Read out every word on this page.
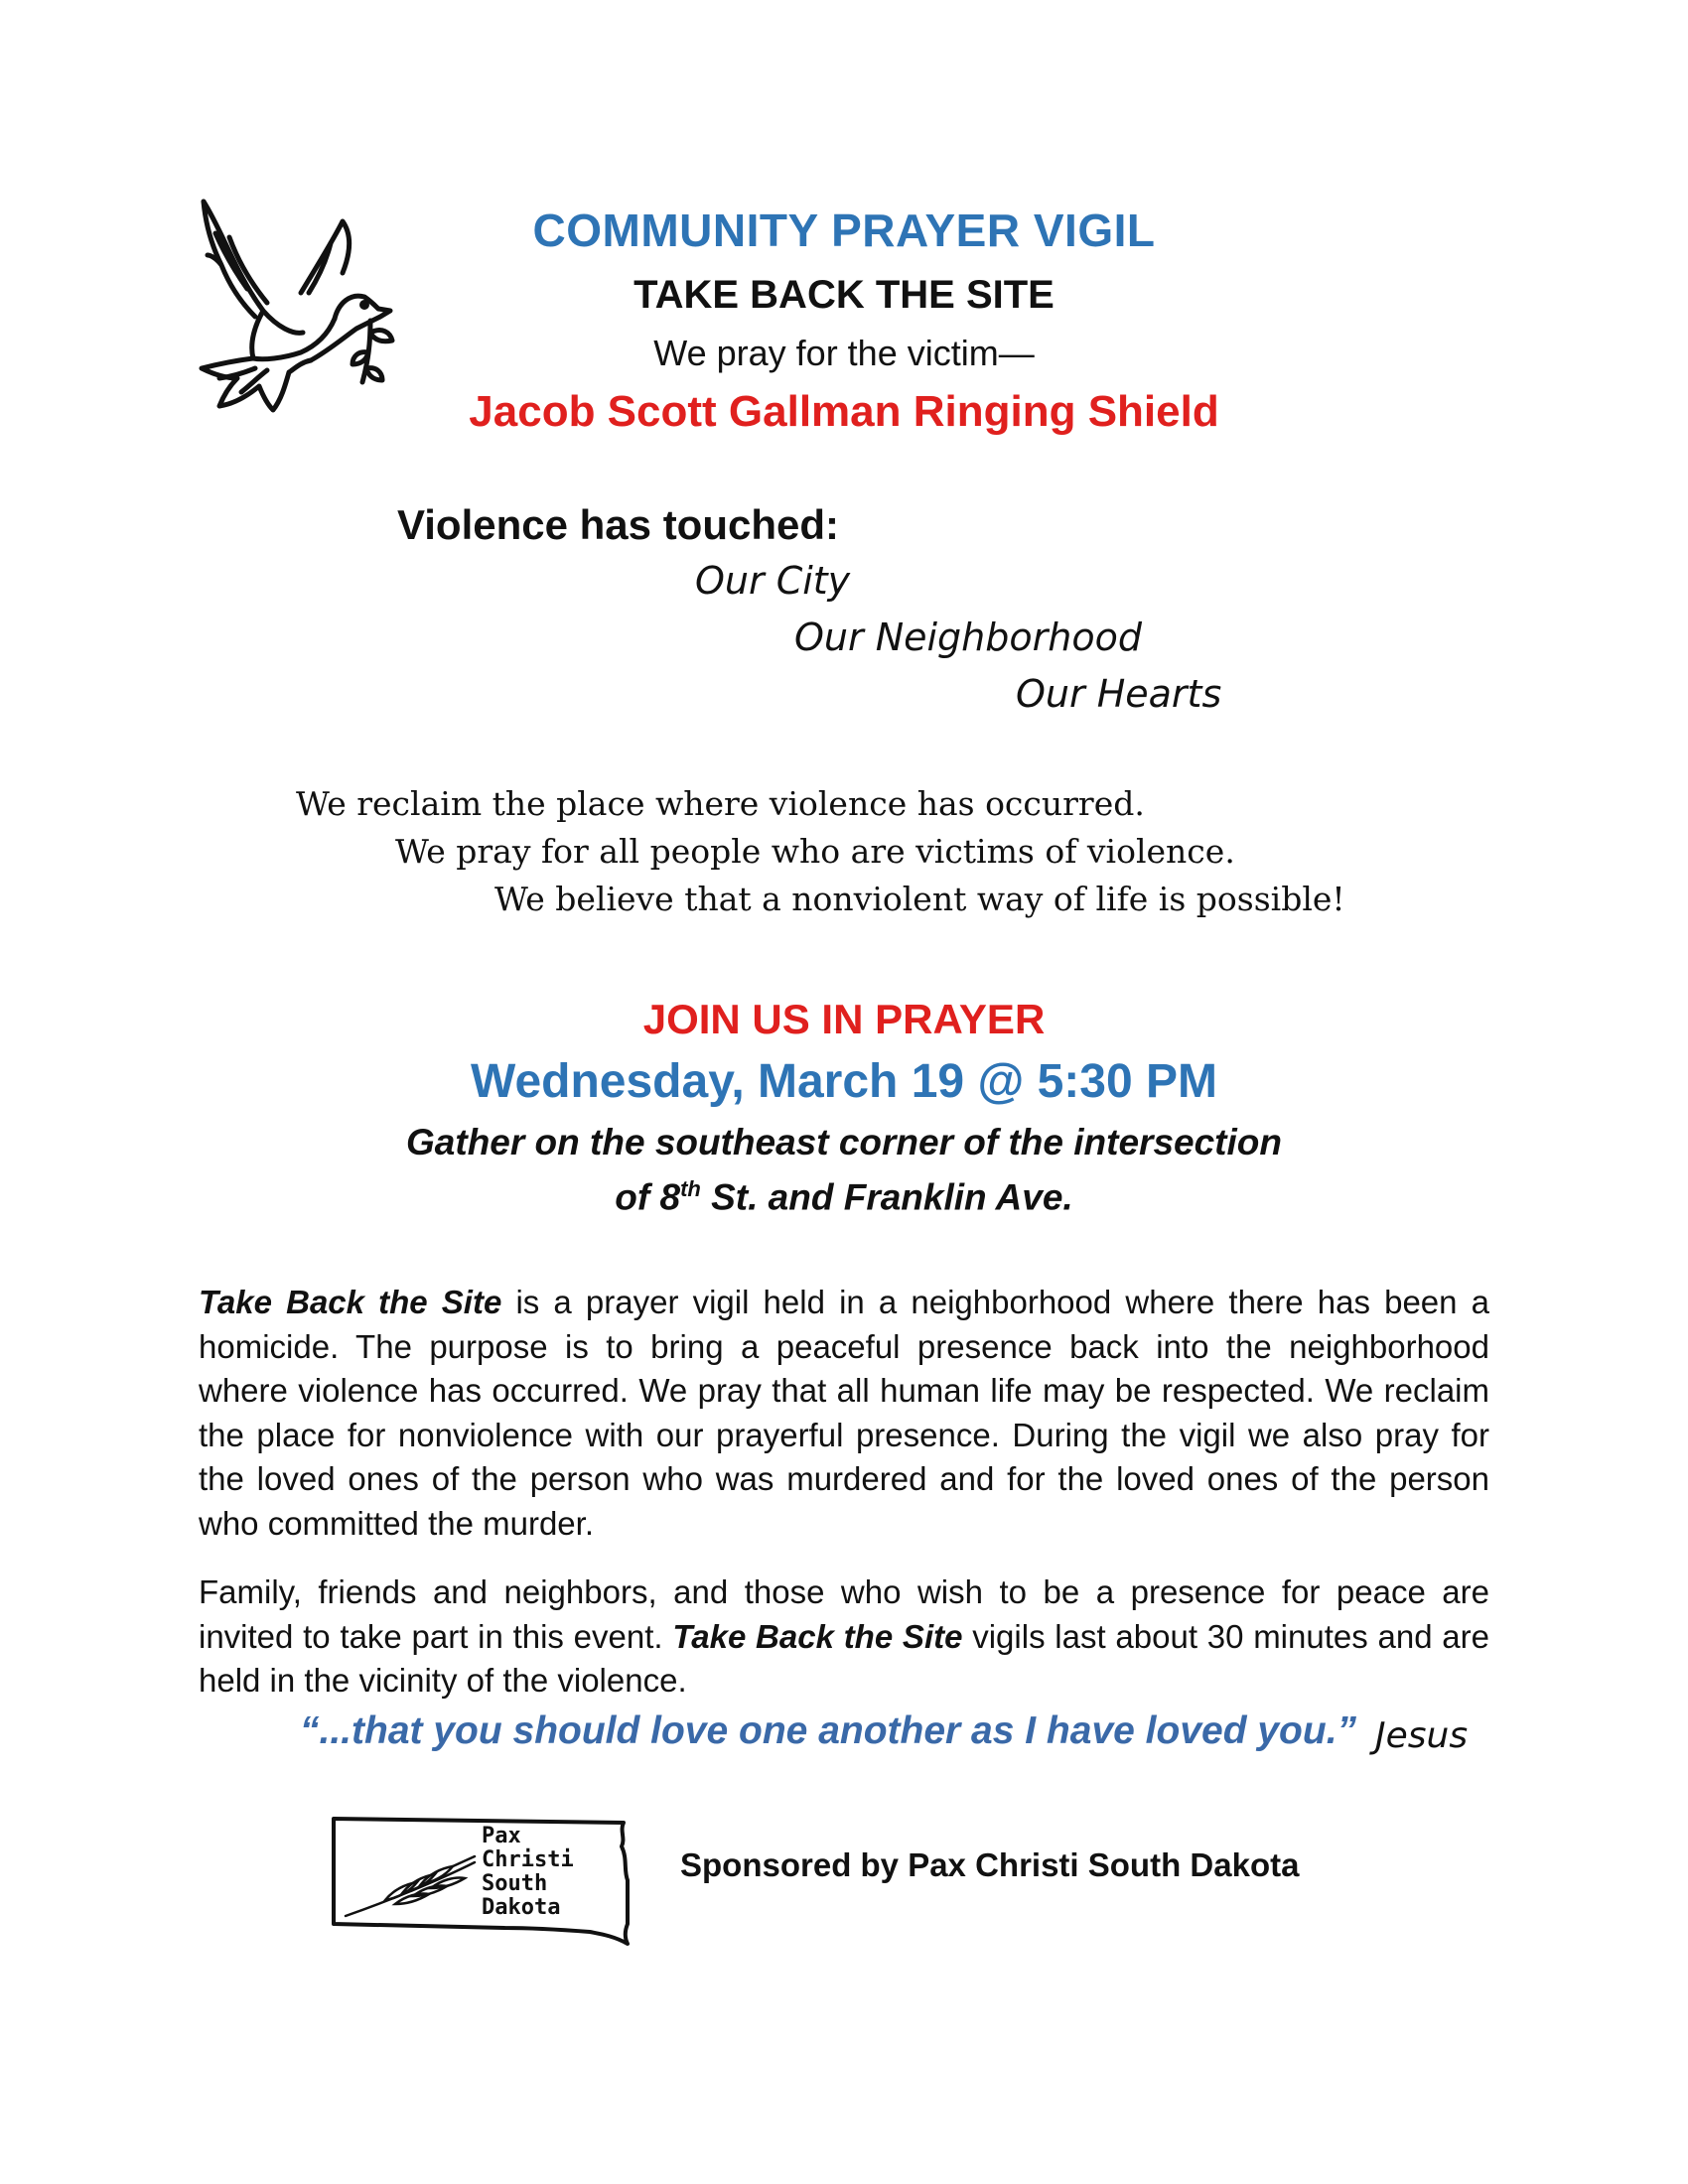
COMMUNITY PRAYER VIGIL
TAKE BACK THE SITE
We pray for the victim—
Jacob Scott Gallman Ringing Shield
Violence has touched:
Our City
Our Neighborhood
Our Hearts
We reclaim the place where violence has occurred.
We pray for all people who are victims of violence.
We believe that a nonviolent way of life is possible!
JOIN US IN PRAYER
Wednesday, March 19 @ 5:30 PM
Gather on the southeast corner of the intersection
of 8th St. and Franklin Ave.
Take Back the Site is a prayer vigil held in a neighborhood where there has been a homicide. The purpose is to bring a peaceful presence back into the neighborhood where violence has occurred. We pray that all human life may be respected. We reclaim the place for nonviolence with our prayerful presence. During the vigil we also pray for the loved ones of the person who was murdered and for the loved ones of the person who committed the murder.
Family, friends and neighbors, and those who wish to be a presence for peace are invited to take part in this event. Take Back the Site vigils last about 30 minutes and are held in the vicinity of the violence.
“...that you should love one another as I have loved you.” Jesus
Pax
Christi
South
Dakota
Sponsored by Pax Christi South Dakota
